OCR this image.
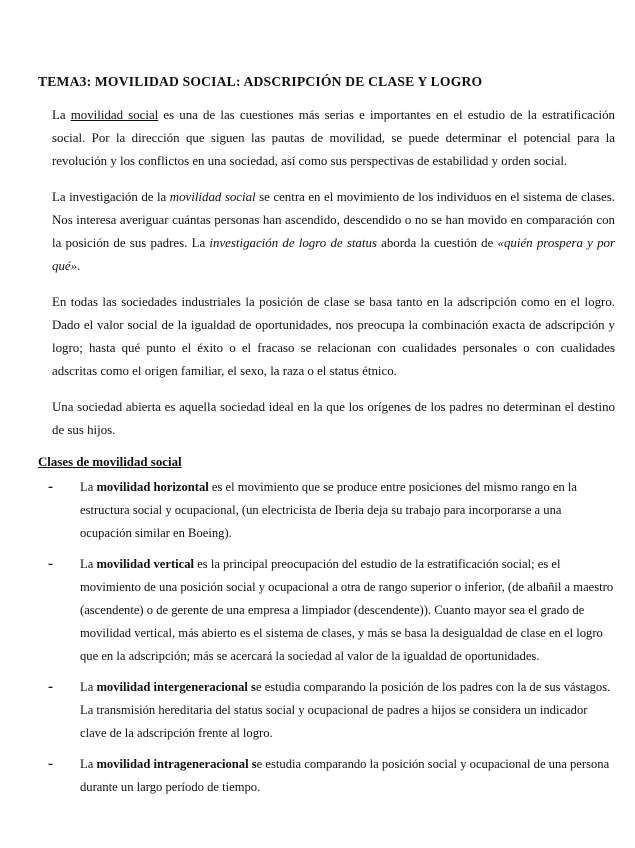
TEMA3: MOVILIDAD SOCIAL: ADSCRIPCIÓN DE CLASE Y LOGRO

La movilidad social es una de las cuestiones más serias e importantes en el estudio de la estratificación social. Por la dirección que siguen las pautas de movilidad, se puede determinar el potencial para la revolución y los conflictos en una sociedad, así como sus perspectivas de estabilidad y orden social.

La investigación de la movilidad social se centra en el movimiento de los individuos en el sistema de clases. Nos interesa averiguar cuántas personas han ascendido, descendido o no se han movido en comparación con la posición de sus padres. La investigación de logro de status aborda la cuestión de «quién prospera y por qué».

En todas las sociedades industriales la posición de clase se basa tanto en la adscripción como en el logro. Dado el valor social de la igualdad de oportunidades, nos preocupa la combinación exacta de adscripción y logro; hasta qué punto el éxito o el fracaso se relacionan con cualidades personales o con cualidades adscritas como el origen familiar, el sexo, la raza o el status étnico.

Una sociedad abierta es aquella sociedad ideal en la que los orígenes de los padres no determinan el destino de sus hijos.

Clases de movilidad social
- La movilidad horizontal es el movimiento que se produce entre posiciones del mismo rango en la estructura social y ocupacional, (un electricista de Iberia deja su trabajo para incorporarse a una ocupación similar en Boeing).
- La movilidad vertical es la principal preocupación del estudio de la estratificación social; es el movimiento de una posición social y ocupacional a otra de rango superior o inferior, (de albañil a maestro (ascendente) o de gerente de una empresa a limpiador (descendente)). Cuanto mayor sea el grado de movilidad vertical, más abierto es el sistema de clases, y más se basa la desigualdad de clase en el logro que en la adscripción; más se acercará la sociedad al valor de la igualdad de oportunidades.
- La movilidad intergeneracional se estudia comparando la posición de los padres con la de sus vástagos. La transmisión hereditaria del status social y ocupacional de padres a hijos se considera un indicador clave de la adscripción frente al logro.
- La movilidad intrageneracional se estudia comparando la posición social y ocupacional de una persona durante un largo período de tiempo.
